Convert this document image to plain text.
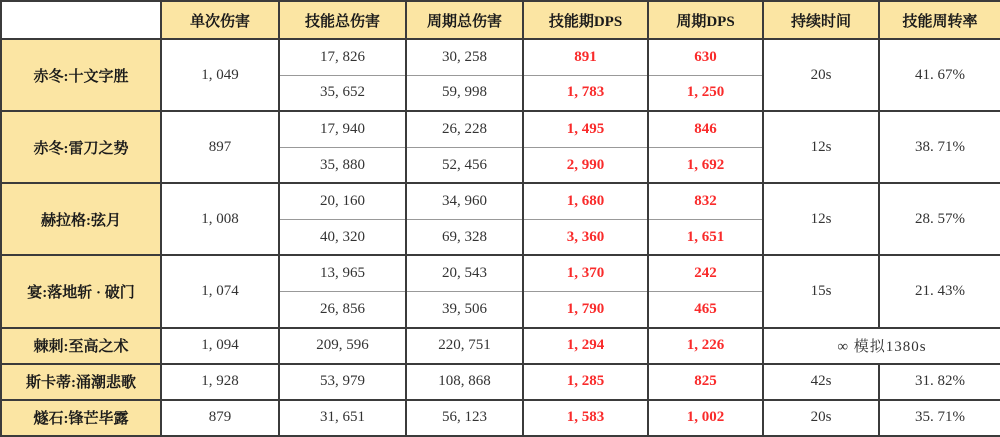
	单次伤害	技能总伤害	周期总伤害	技能期DPS	周期DPS	持续时间	技能周转率
赤冬:十文字胜	1, 049	17, 826	30, 258	891	630	20s	41. 67%
		35, 652	59, 998	1, 783	1, 250		
赤冬:雷刀之势	897	17, 940	26, 228	1, 495	846	12s	38. 71%
		35, 880	52, 456	2, 990	1, 692		
赫拉格:弦月	1, 008	20, 160	34, 960	1, 680	832	12s	28. 57%
		40, 320	69, 328	3, 360	1, 651		
宴:落地斩 · 破门	1, 074	13, 965	20, 543	1, 370	242	15s	21. 43%
		26, 856	39, 506	1, 790	465		
棘刺:至高之术	1, 094	209, 596	220, 751	1, 294	1, 226	∞ 模拟1380s	
斯卡蒂:涌潮悲歌	1, 928	53, 979	108, 868	1, 285	825	42s	31. 82%
燧石:锋芒毕露	879	31, 651	56, 123	1, 583	1, 002	20s	35. 71%
